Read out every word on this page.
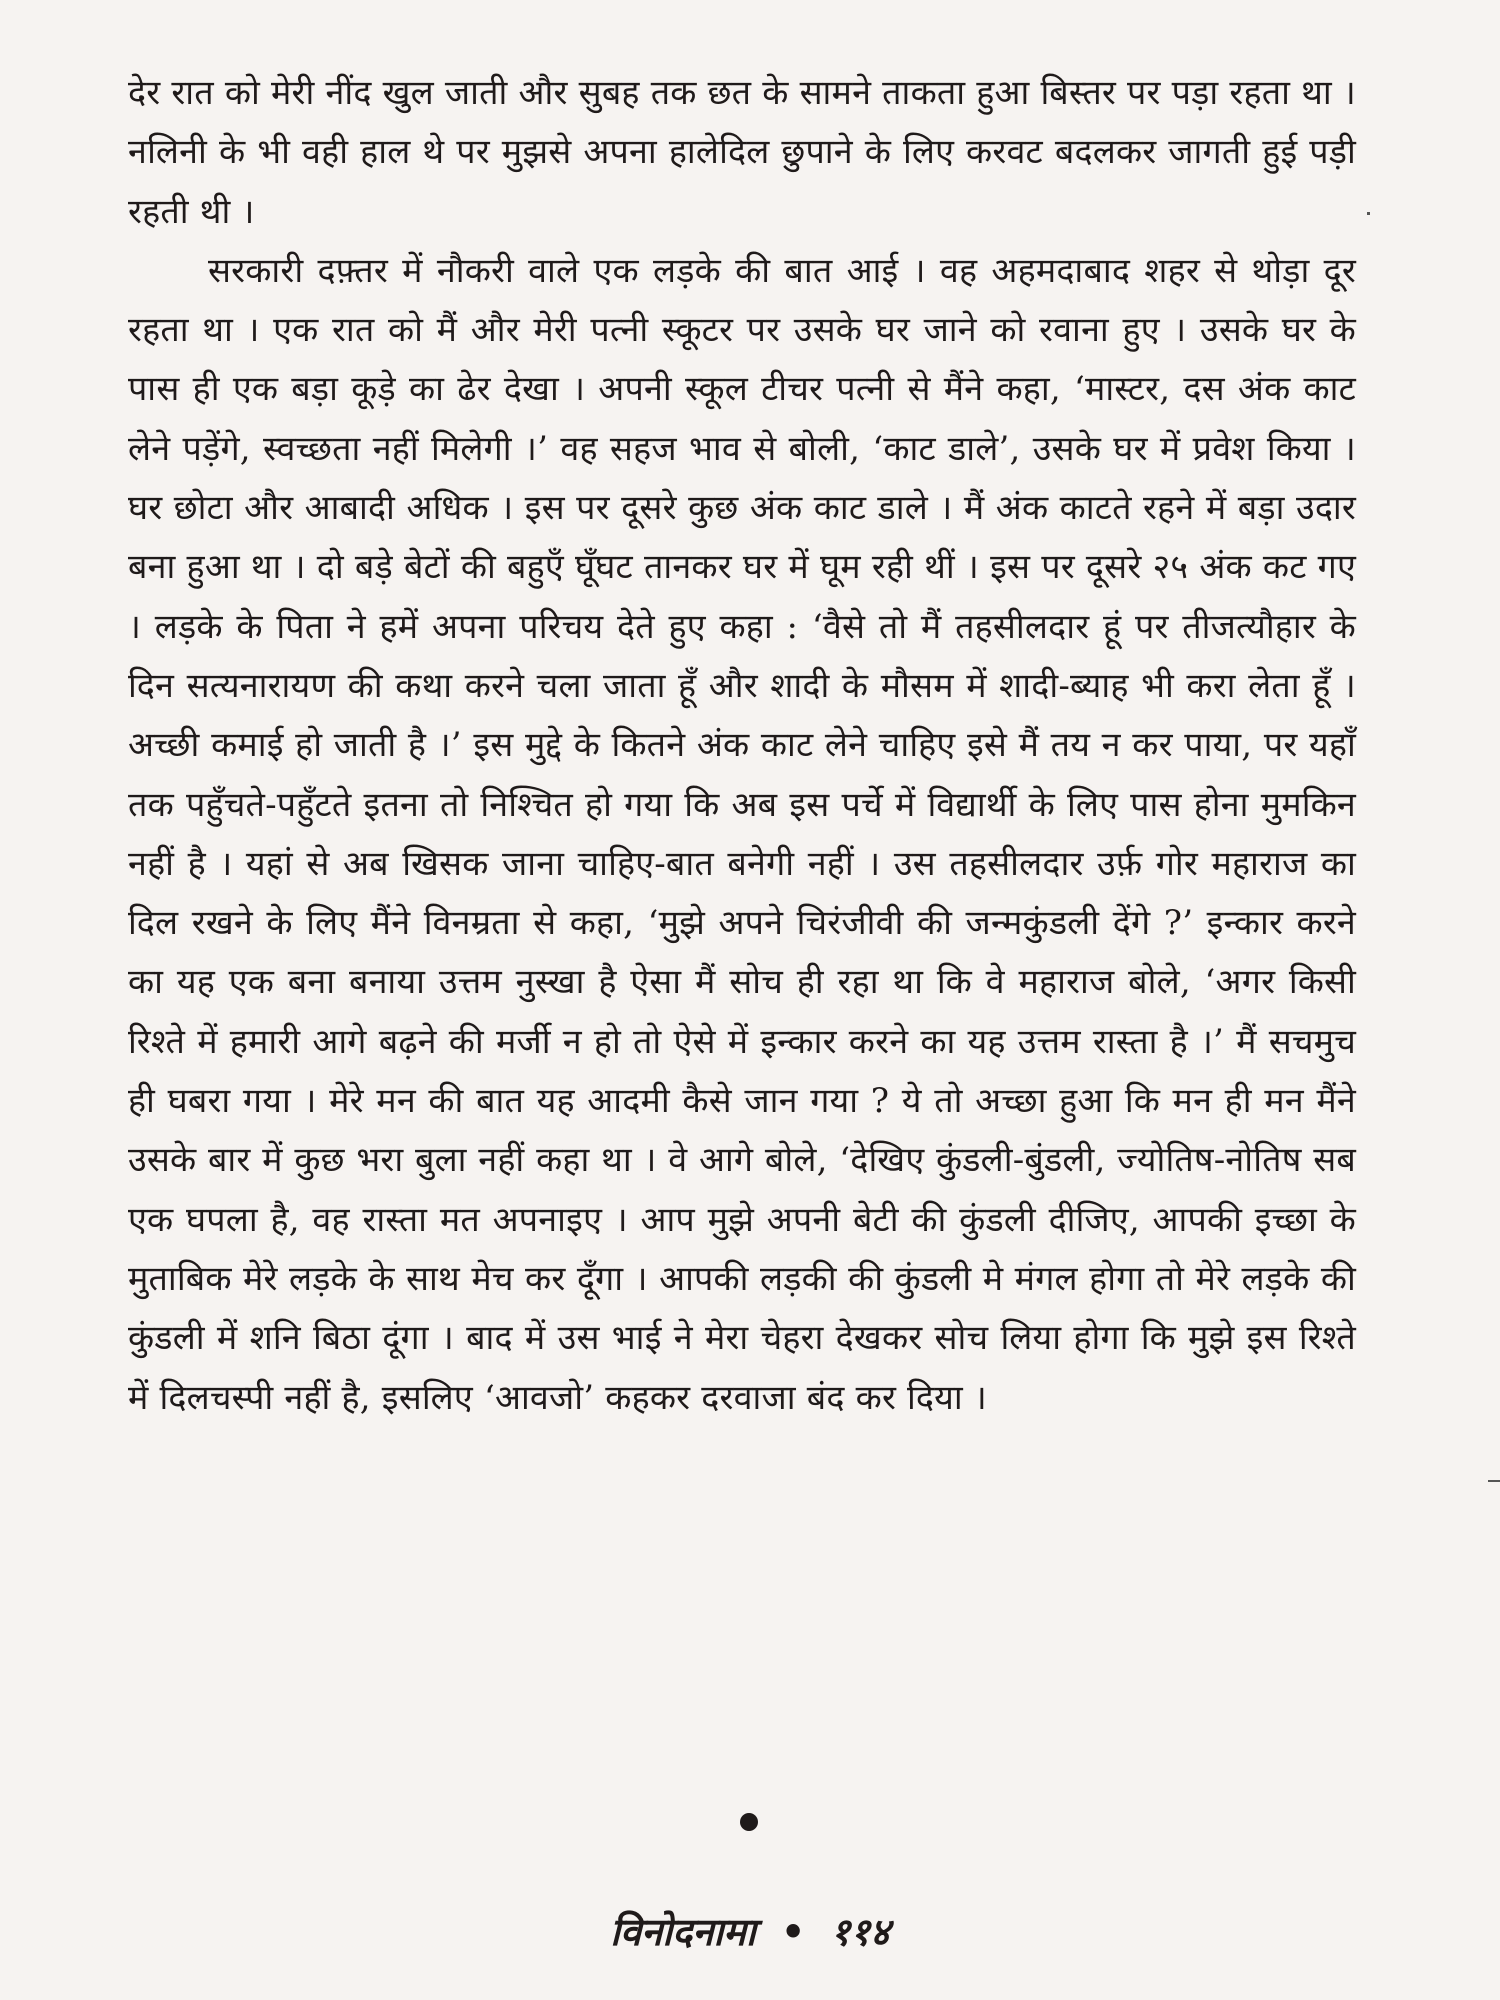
देर रात को मेरी नींद खुल जाती और सुबह तक छत के सामने ताकता हुआ बिस्तर पर पड़ा रहता था । नलिनी के भी वही हाल थे पर मुझसे अपना हालेदिल छुपाने के लिए करवट बदलकर जागती हुई पड़ी रहती थी ।

सरकारी दफ़्तर में नौकरी वाले एक लड़के की बात आई । वह अहमदाबाद शहर से थोड़ा दूर रहता था । एक रात को मैं और मेरी पत्नी स्कूटर पर उसके घर जाने को रवाना हुए । उसके घर के पास ही एक बड़ा कूड़े का ढेर देखा । अपनी स्कूल टीचर पत्नी से मैंने कहा, ‘मास्टर, दस अंक काट लेने पड़ेंगे, स्वच्छता नहीं मिलेगी ।’ वह सहज भाव से बोली, ‘काट डाले’, उसके घर में प्रवेश किया । घर छोटा और आबादी अधिक । इस पर दूसरे कुछ अंक काट डाले । मैं अंक काटते रहने में बड़ा उदार बना हुआ था । दो बड़े बेटों की बहुएँ घूँघट तानकर घर में घूम रही थीं । इस पर दूसरे २५ अंक कट गए । लड़के के पिता ने हमें अपना परिचय देते हुए कहा : ‘वैसे तो मैं तहसीलदार हूं पर तीजत्यौहार के दिन सत्यनारायण की कथा करने चला जाता हूँ और शादी के मौसम में शादी-ब्याह भी करा लेता हूँ । अच्छी कमाई हो जाती है ।’ इस मुद्दे के कितने अंक काट लेने चाहिए इसे मैं तय न कर पाया, पर यहाँ तक पहुँचते-पहुँटते इतना तो निश्चित हो गया कि अब इस पर्चे में विद्यार्थी के लिए पास होना मुमकिन नहीं है । यहां से अब खिसक जाना चाहिए-बात बनेगी नहीं । उस तहसीलदार उर्फ़ गोर महाराज का दिल रखने के लिए मैंने विनम्रता से कहा, ‘मुझे अपने चिरंजीवी की जन्मकुंडली देंगे ?’ इन्कार करने का यह एक बना बनाया उत्तम नुस्खा है ऐसा मैं सोच ही रहा था कि वे महाराज बोले, ‘अगर किसी रिश्ते में हमारी आगे बढ़ने की मर्जी न हो तो ऐसे में इन्कार करने का यह उत्तम रास्ता है ।’ मैं सचमुच ही घबरा गया । मेरे मन की बात यह आदमी कैसे जान गया ? ये तो अच्छा हुआ कि मन ही मन मैंने उसके बार में कुछ भरा बुला नहीं कहा था । वे आगे बोले, ‘देखिए कुंडली-बुंडली, ज्योतिष-नोतिष सब एक घपला है, वह रास्ता मत अपनाइए । आप मुझे अपनी बेटी की कुंडली दीजिए, आपकी इच्छा के मुताबिक मेरे लड़के के साथ मेच कर दूँगा । आपकी लड़की की कुंडली मे मंगल होगा तो मेरे लड़के की कुंडली में शनि बिठा दूंगा । बाद में उस भाई ने मेरा चेहरा देखकर सोच लिया होगा कि मुझे इस रिश्ते में दिलचस्पी नहीं है, इसलिए ‘आवजो’ कहकर दरवाजा बंद कर दिया ।

विनोदनामा • ११४
